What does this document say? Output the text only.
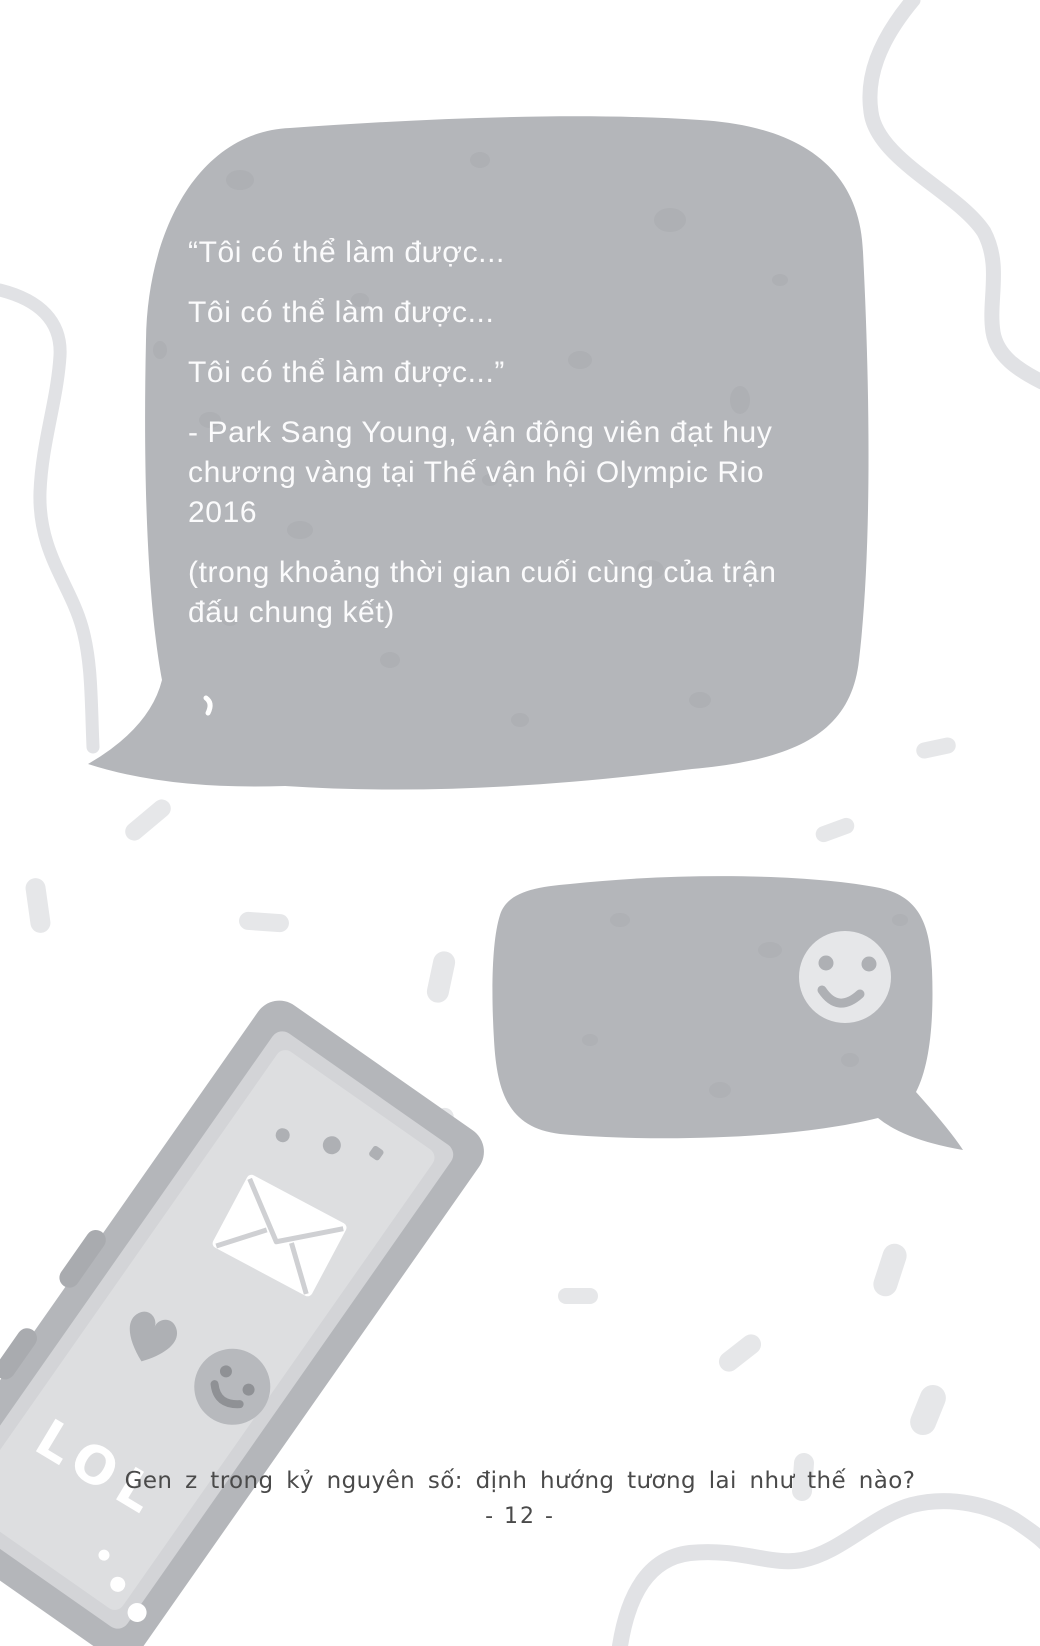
“Tôi có thể làm được...

Tôi có thể làm được...

Tôi có thể làm được...”

- Park Sang Young, vận động viên đạt huy chương vàng tại Thế vận hội Olympic Rio 2016

(trong khoảng thời gian cuối cùng của trận đấu chung kết)

LOL
Gen z trong kỷ nguyên số: định hướng tương lai như thế nào?
- 12 -
